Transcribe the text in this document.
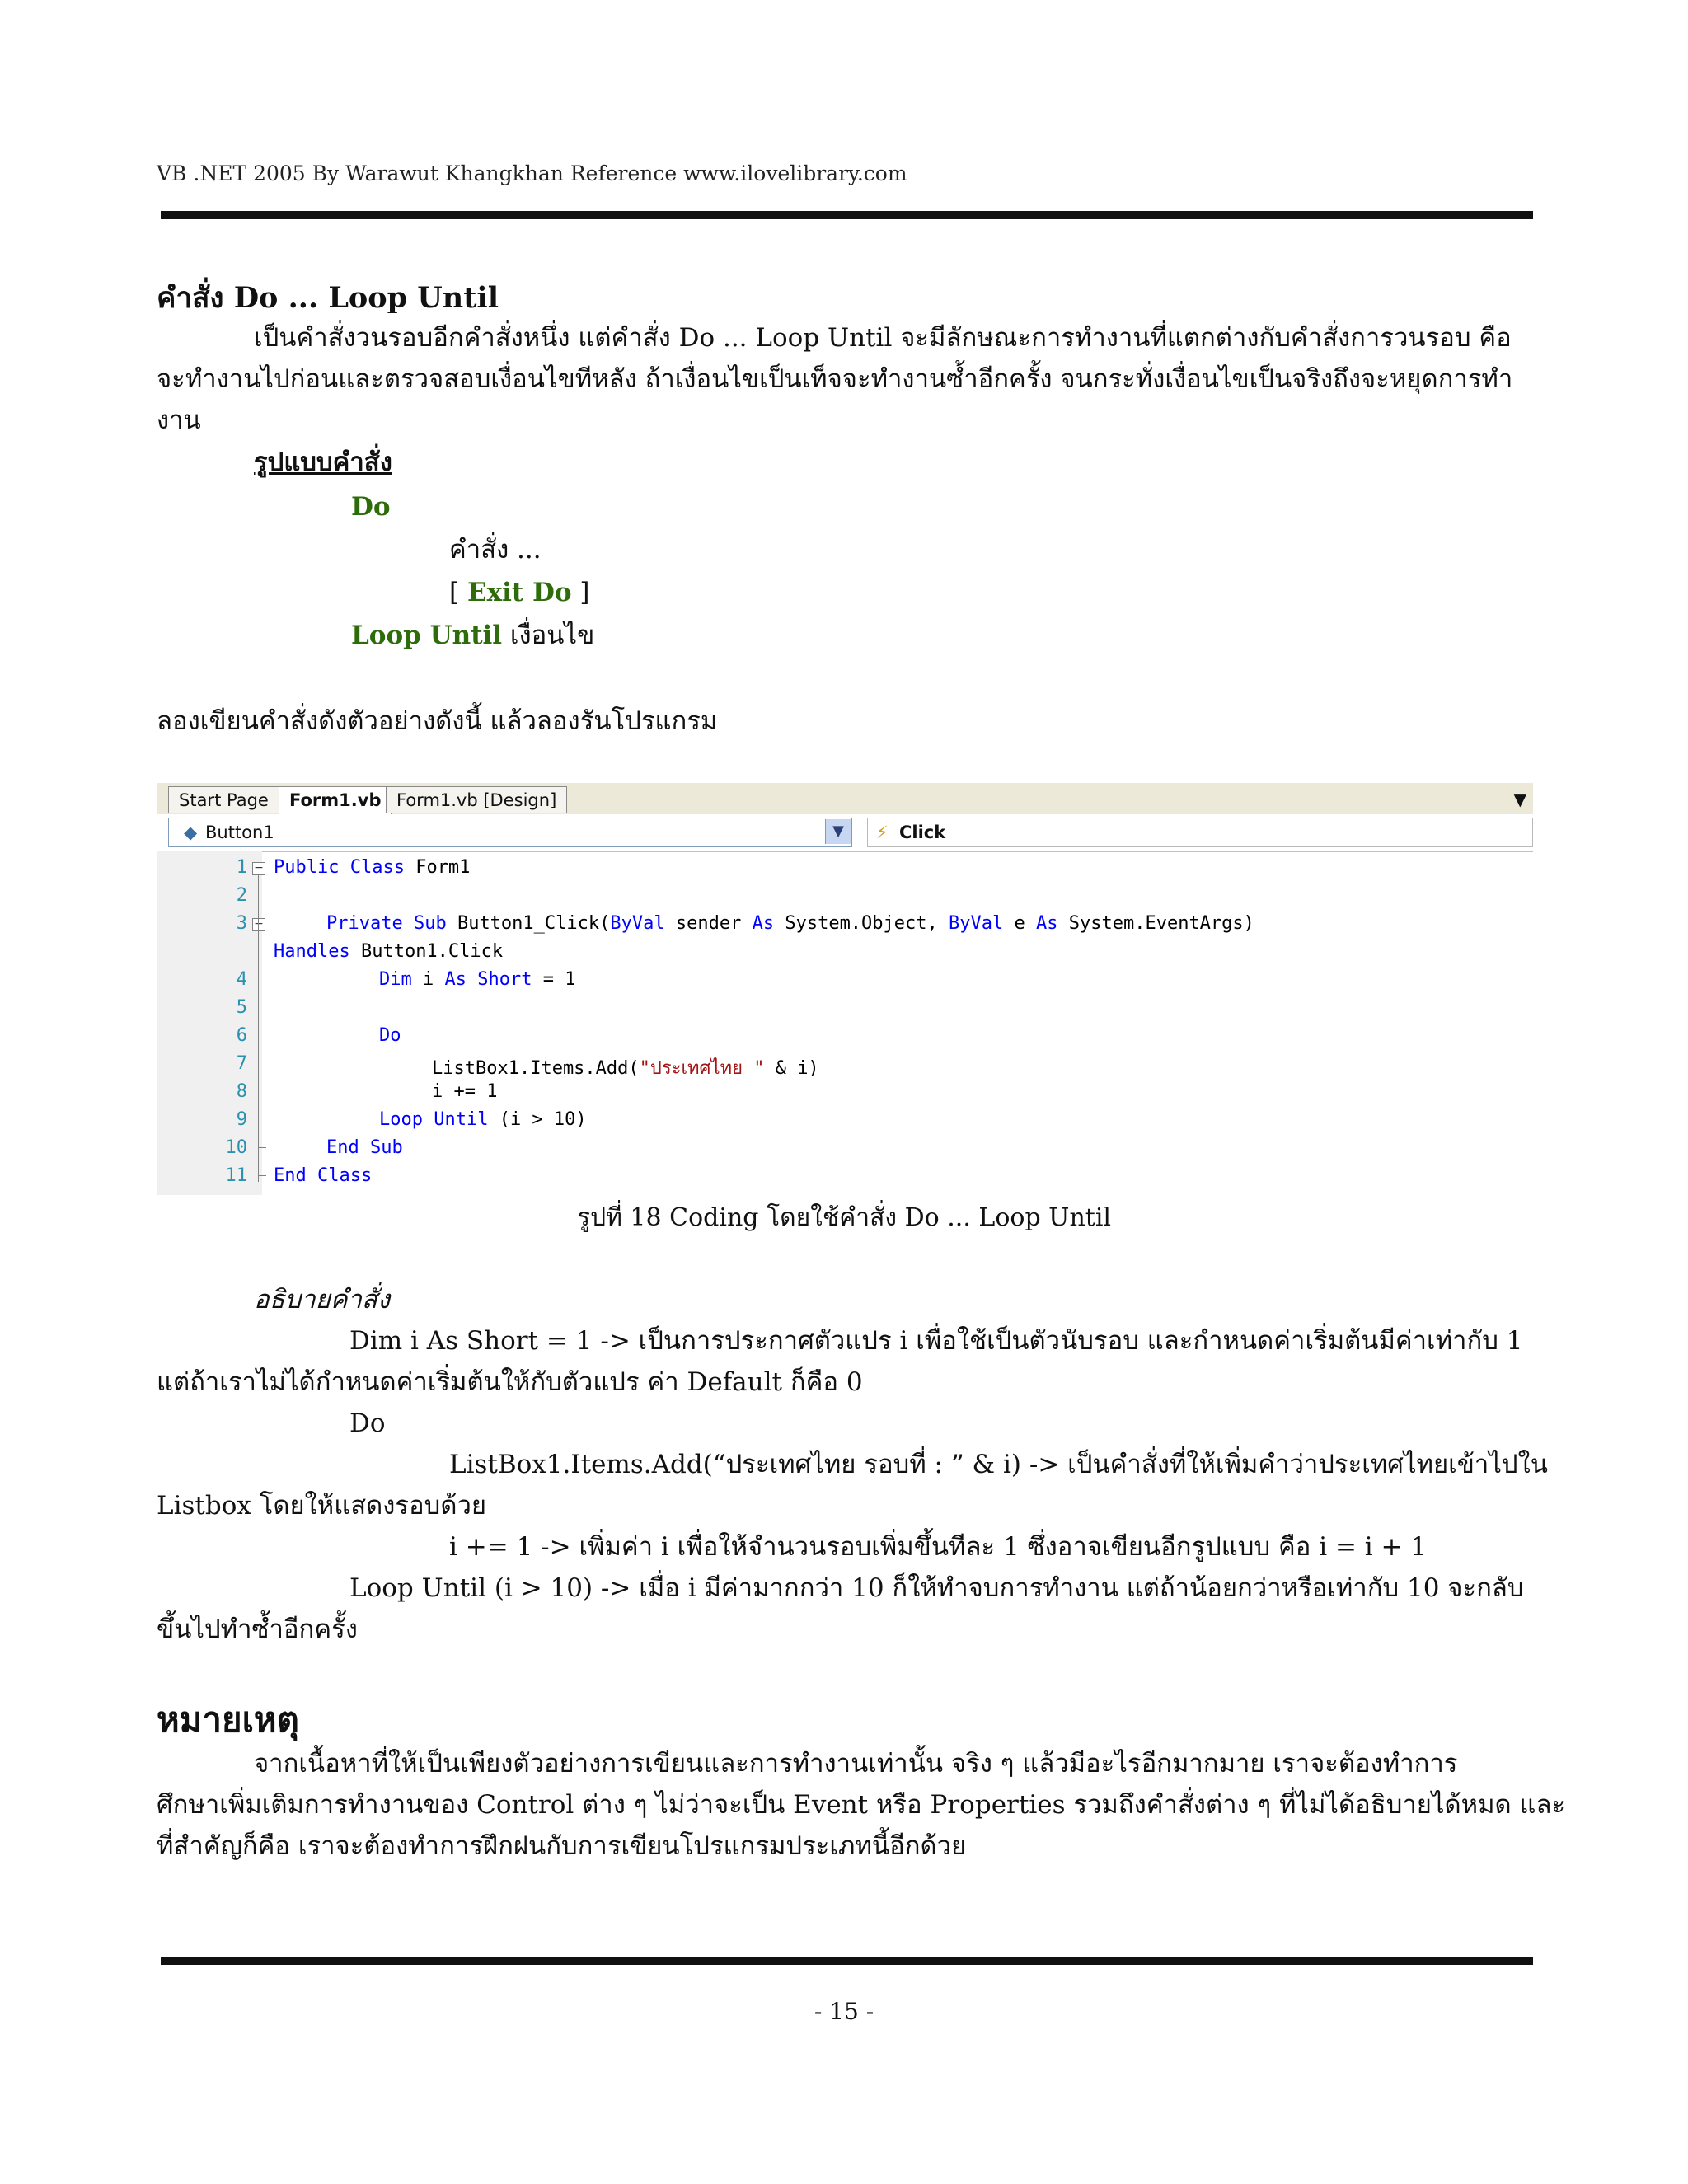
VB .NET 2005 By Warawut Khangkhan Reference www.ilovelibrary.com
คำสั่ง Do ... Loop Until
เป็นคำสั่งวนรอบอีกคำสั่งหนึ่ง แต่คำสั่ง Do ... Loop Until จะมีลักษณะการทำงานที่แตกต่างกับคำสั่งการวนรอบ คือ
จะทำงานไปก่อนและตรวจสอบเงื่อนไขทีหลัง ถ้าเงื่อนไขเป็นเท็จจะทำงานซ้ำอีกครั้ง จนกระทั่งเงื่อนไขเป็นจริงถึงจะหยุดการทำ
งาน
รูปแบบคำสั่ง
Do
คำสั่ง ...
[ Exit Do ]
Loop Until เงื่อนไข
ลองเขียนคำสั่งดังตัวอย่างดังนี้ แล้วลองรันโปรแกรม
Start Page	Form1.vb Form1.vb [Design]	▼
◆ Button1	▼	⚡ Click
1
2
3
4
5
6
7
8
9
10
11
−
−
Public Class Form1
Private Sub Button1_Click(ByVal sender As System.Object, ByVal e As System.EventArgs)
Handles Button1.Click
Dim i As Short = 1
Do
ListBox1.Items.Add("ประเทศไทย " & i)
i += 1
Loop Until (i > 10)
End Sub
End Class
รูปที่ 18 Coding โดยใช้คำสั่ง Do ... Loop Until
อธิบายคำสั่ง
Dim i As Short = 1 -> เป็นการประกาศตัวแปร i เพื่อใช้เป็นตัวนับรอบ และกำหนดค่าเริ่มต้นมีค่าเท่ากับ 1
แต่ถ้าเราไม่ได้กำหนดค่าเริ่มต้นให้กับตัวแปร ค่า Default ก็คือ 0
Do
ListBox1.Items.Add(“ประเทศไทย รอบที่ : ” & i) -> เป็นคำสั่งที่ให้เพิ่มคำว่าประเทศไทยเข้าไปใน
Listbox โดยให้แสดงรอบด้วย
i += 1 -> เพิ่มค่า i เพื่อให้จำนวนรอบเพิ่มขึ้นทีละ 1 ซึ่งอาจเขียนอีกรูปแบบ คือ i = i + 1
Loop Until (i > 10) -> เมื่อ i มีค่ามากกว่า 10 ก็ให้ทำจบการทำงาน แต่ถ้าน้อยกว่าหรือเท่ากับ 10 จะกลับ
ขึ้นไปทำซ้ำอีกครั้ง
หมายเหตุ
จากเนื้อหาที่ให้เป็นเพียงตัวอย่างการเขียนและการทำงานเท่านั้น จริง ๆ แล้วมีอะไรอีกมากมาย เราจะต้องทำการ
ศึกษาเพิ่มเติมการทำงานของ Control ต่าง ๆ ไม่ว่าจะเป็น Event หรือ Properties รวมถึงคำสั่งต่าง ๆ ที่ไม่ได้อธิบายได้หมด และ
ที่สำคัญก็คือ เราจะต้องทำการฝึกฝนกับการเขียนโปรแกรมประเภทนี้อีกด้วย
- 15 -
